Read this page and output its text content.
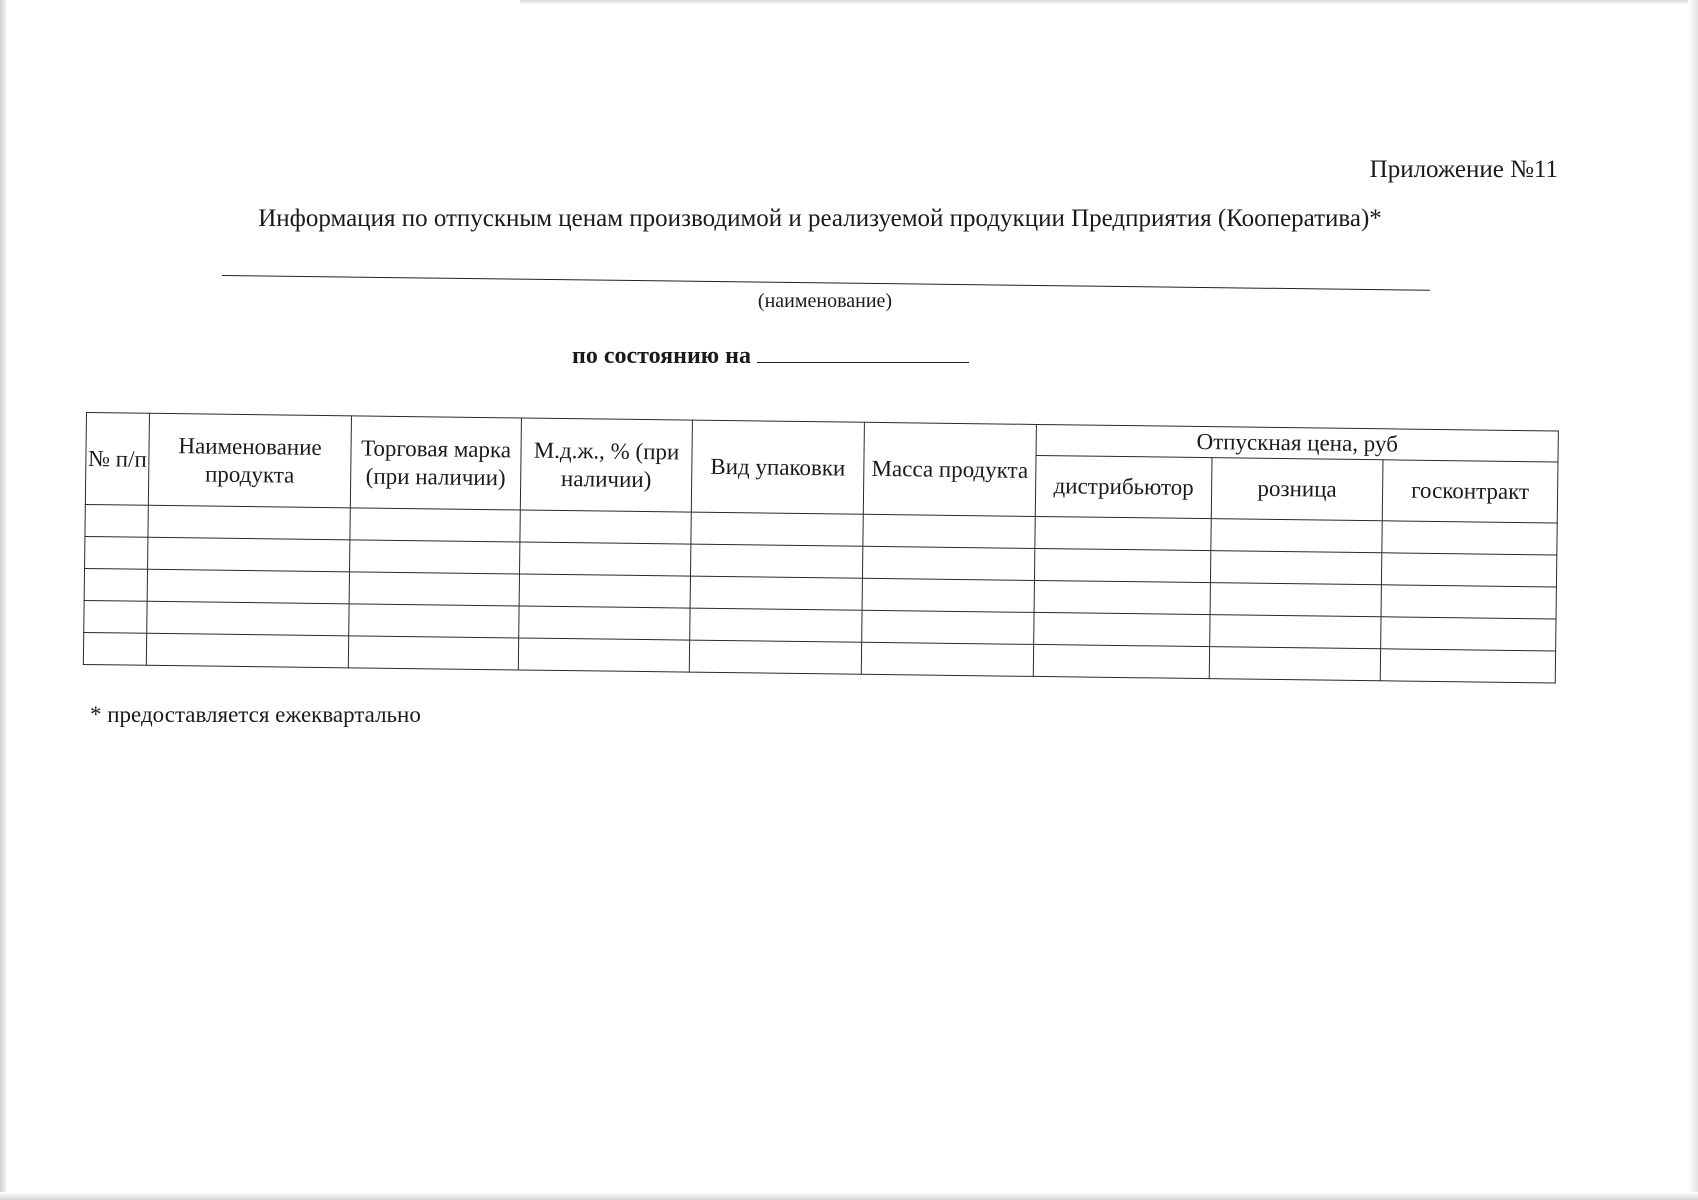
Приложение №11
Информация по отпускным ценам производимой и реализуемой продукции Предприятия (Кооператива)*
(наименование)
по состоянию на
№ п/п	Наименование продукта	Торговая марка (при наличии)	М.д.ж., % (при наличии)	Вид упаковки	Масса продукта	Отпускная цена, руб		
						дистрибьютор	розница	госконтракт

* предоставляется ежеквартально
